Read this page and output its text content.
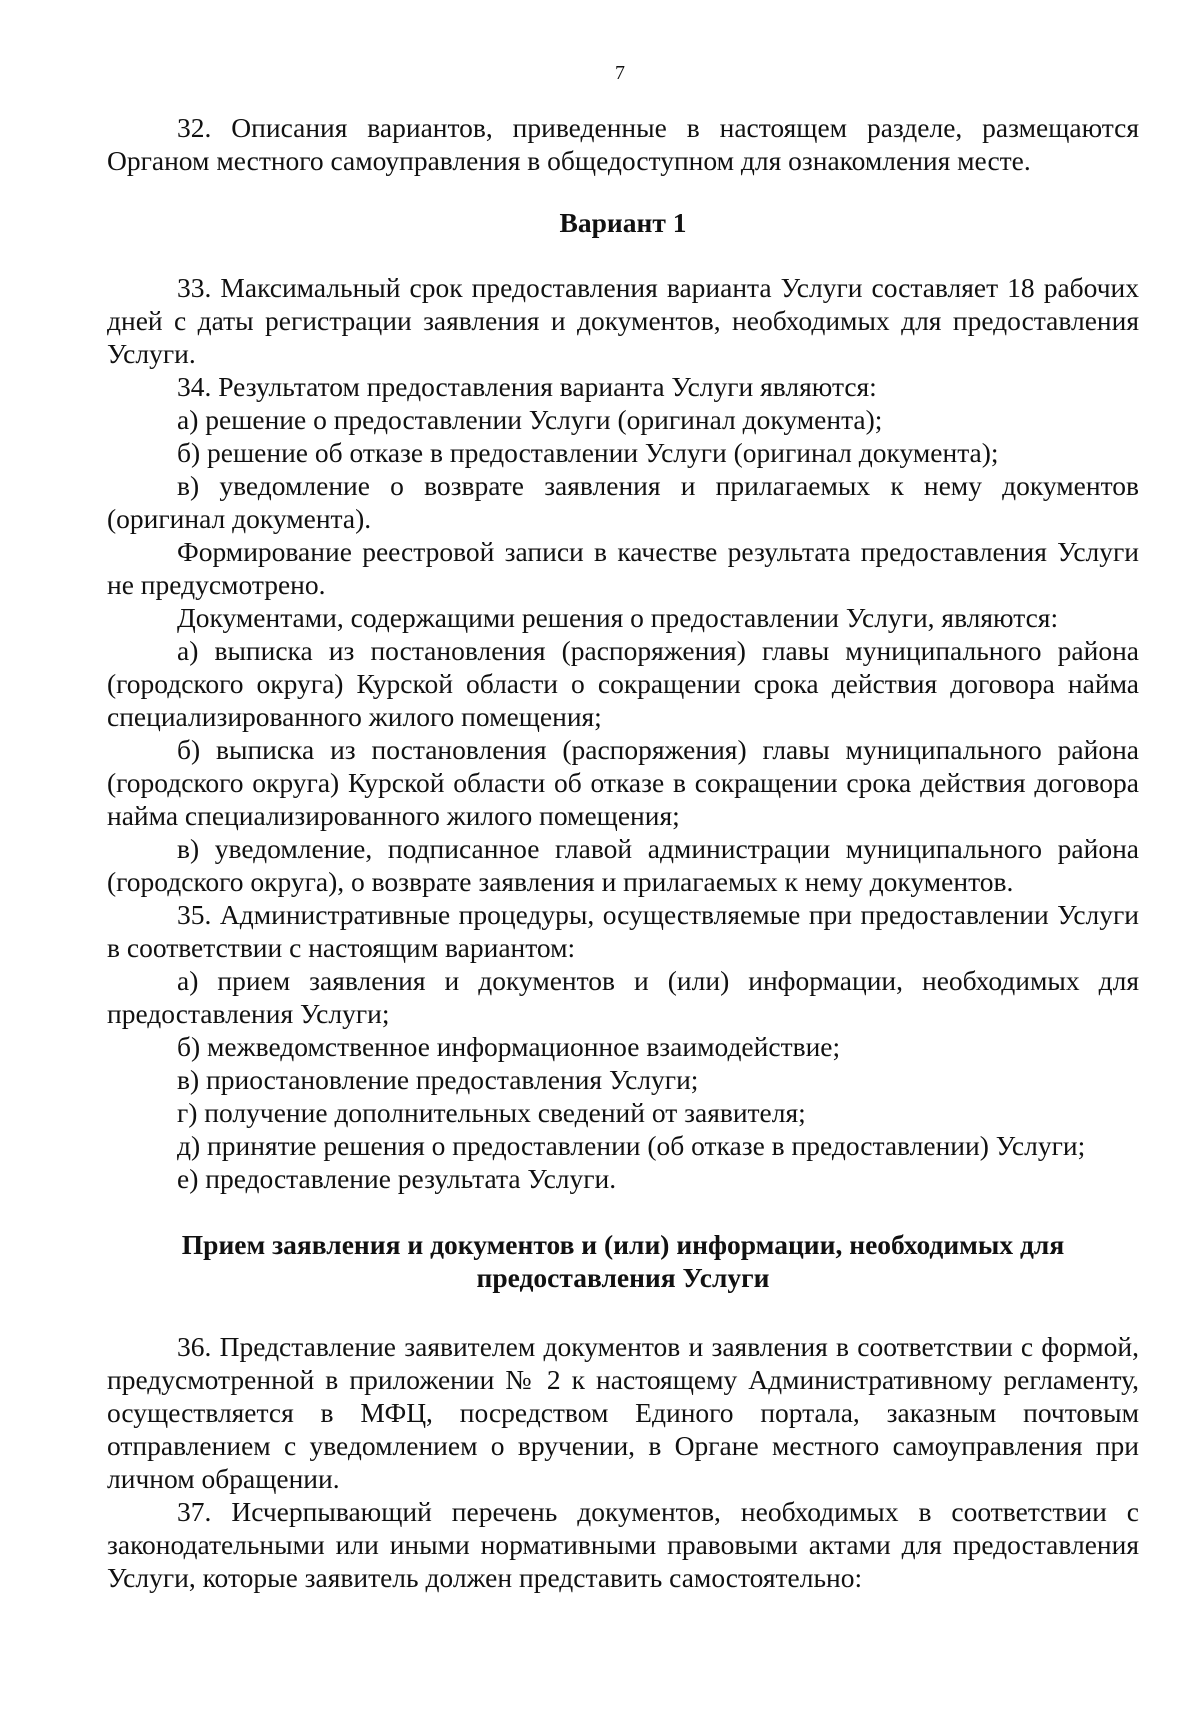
7

32. Описания вариантов, приведенные в настоящем разделе, размещаются Органом местного самоуправления в общедоступном для ознакомления месте.

Вариант 1

33. Максимальный срок предоставления варианта Услуги составляет 18 рабочих дней с даты регистрации заявления и документов, необходимых для предоставления Услуги.

34. Результатом предоставления варианта Услуги являются:

а) решение о предоставлении Услуги (оригинал документа);

б) решение об отказе в предоставлении Услуги (оригинал документа);

в) уведомление о возврате заявления и прилагаемых к нему документов (оригинал документа).

Формирование реестровой записи в качестве результата предоставления Услуги не предусмотрено.

Документами, содержащими решения о предоставлении Услуги, являются:

а) выписка из постановления (распоряжения) главы муниципального района (городского округа) Курской области о сокращении срока действия договора найма специализированного жилого помещения;

б) выписка из постановления (распоряжения) главы муниципального района (городского округа) Курской области об отказе в сокращении срока действия договора найма специализированного жилого помещения;

в) уведомление, подписанное главой администрации муниципального района (городского округа), о возврате заявления и прилагаемых к нему документов.

35. Административные процедуры, осуществляемые при предоставлении Услуги в соответствии с настоящим вариантом:

а) прием заявления и документов и (или) информации, необходимых для предоставления Услуги;

б) межведомственное информационное взаимодействие;

в) приостановление предоставления Услуги;

г) получение дополнительных сведений от заявителя;

д) принятие решения о предоставлении (об отказе в предоставлении) Услуги;

е) предоставление результата Услуги.

Прием заявления и документов и (или) информации, необходимых для
предоставления Услуги

36. Представление заявителем документов и заявления в соответствии с формой, предусмотренной в приложении № 2 к настоящему Административному регламенту, осуществляется в МФЦ, посредством Единого портала, заказным почтовым отправлением с уведомлением о вручении, в Органе местного самоуправления при личном обращении.

37. Исчерпывающий перечень документов, необходимых в соответствии с законодательными или иными нормативными правовыми актами для предоставления Услуги, которые заявитель должен представить самостоятельно:
